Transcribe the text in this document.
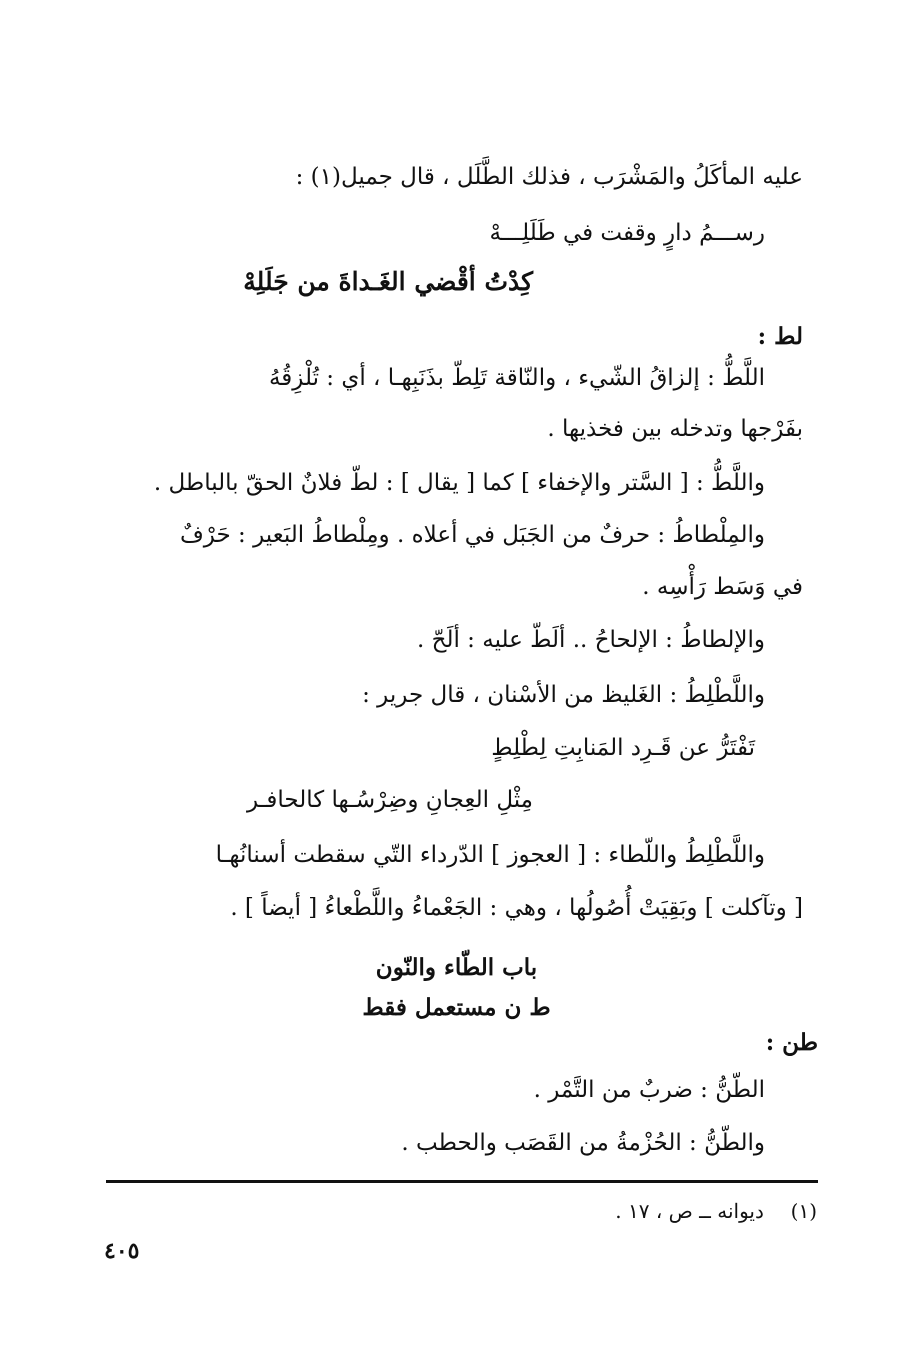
عليه المأكَلُ والمَشْرَب ، فذلك الطَّلَل ، قال جميل(١) :
رســـمُ دارٍ وقفت في طَلَلِـــهْ
كِدْتُ أقْضي الغَـداةَ من جَلَلِهْ
لط :
اللَّطُّ : إلزاقُ الشّيء ، والنّاقة تَلِطّ بذَنَبِهـا ، أي : تُلْزِقُهُ
بفَرْجها وتدخله بين فخذيها .
واللَّطُّ : [ السَّتر والإخفاء ] كما [ يقال ] : لطّ فلانٌ الحقّ بالباطل .
والمِلْطاطُ : حرفٌ من الجَبَل في أعلاه . ومِلْطاطُ البَعير : حَرْفٌ
في وَسَط رَأْسِه .
والإلطاطُ : الإلحاحُ .. ألَطّ عليه : ألَحّ .
واللَّطْلِطُ : الغَليظ من الأسْنان ، قال جرير :
تَفْتَرُّ عن قَـرِد المَنابِتِ لِطْلِطٍ
مِثْلِ العِجانِ وضِرْسُـها كالحافـر
واللَّطْلِطُ واللّطاء : [ العجوز ] الدّرداء التّي سقطت أسنانُهـا
[ وتآكلت ] وبَقِيَتْ أُصُولُها ، وهي : الجَعْماءُ واللَّطْعاءُ [ أيضاً ] .
باب الطّاء والنّون
ط ن مستعمل فقط
طن :
الطّنُّ : ضربٌ من التَّمْر .
والطّنُّ : الحُزْمةُ من القَصَب والحطب .
(١)  ديوانه ــ ص ، ١٧ .
٤٠٥
